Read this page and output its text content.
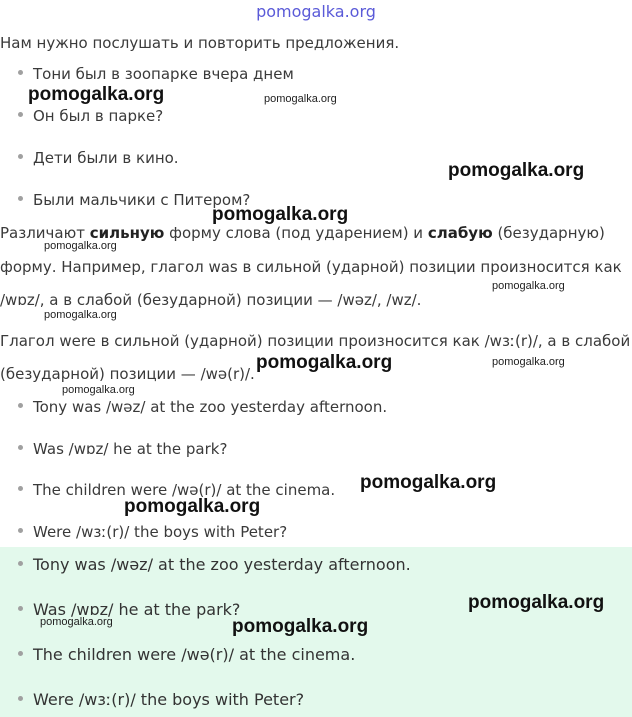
pomogalka.org
Нам нужно послушать и повторить предложения.
Тони был в зоопарке вчера днем
Он был в парке?
Дети были в кино.
Были мальчики с Питером?
Различают сильную форму слова (под ударением) и слабую (безударную)
форму. Например, глагол was в сильной (ударной) позиции произносится как
/wɒz/, а в слабой (безударной) позиции — /wəz/, /wz/.
Глагол were в сильной (ударной) позиции произносится как /wɜː(r)/, а в слабой
(безударной) позиции — /wə(r)/.
Tony was /wəz/ at the zoo yesterday afternoon.
Was /wɒz/ he at the park?
The children were /wə(r)/ at the cinema.
Were /wɜː(r)/ the boys with Peter?
Tony was /wəz/ at the zoo yesterday afternoon.
Was /wɒz/ he at the park?
The children were /wə(r)/ at the cinema.
Were /wɜː(r)/ the boys with Peter?
pomogalka.org	pomogalka.org
pomogalka.org
pomogalka.org
pomogalka.org
pomogalka.org
pomogalka.org
pomogalka.org	pomogalka.org
pomogalka.org
pomogalka.org
pomogalka.org
pomogalka.org
pomogalka.org	pomogalka.org
